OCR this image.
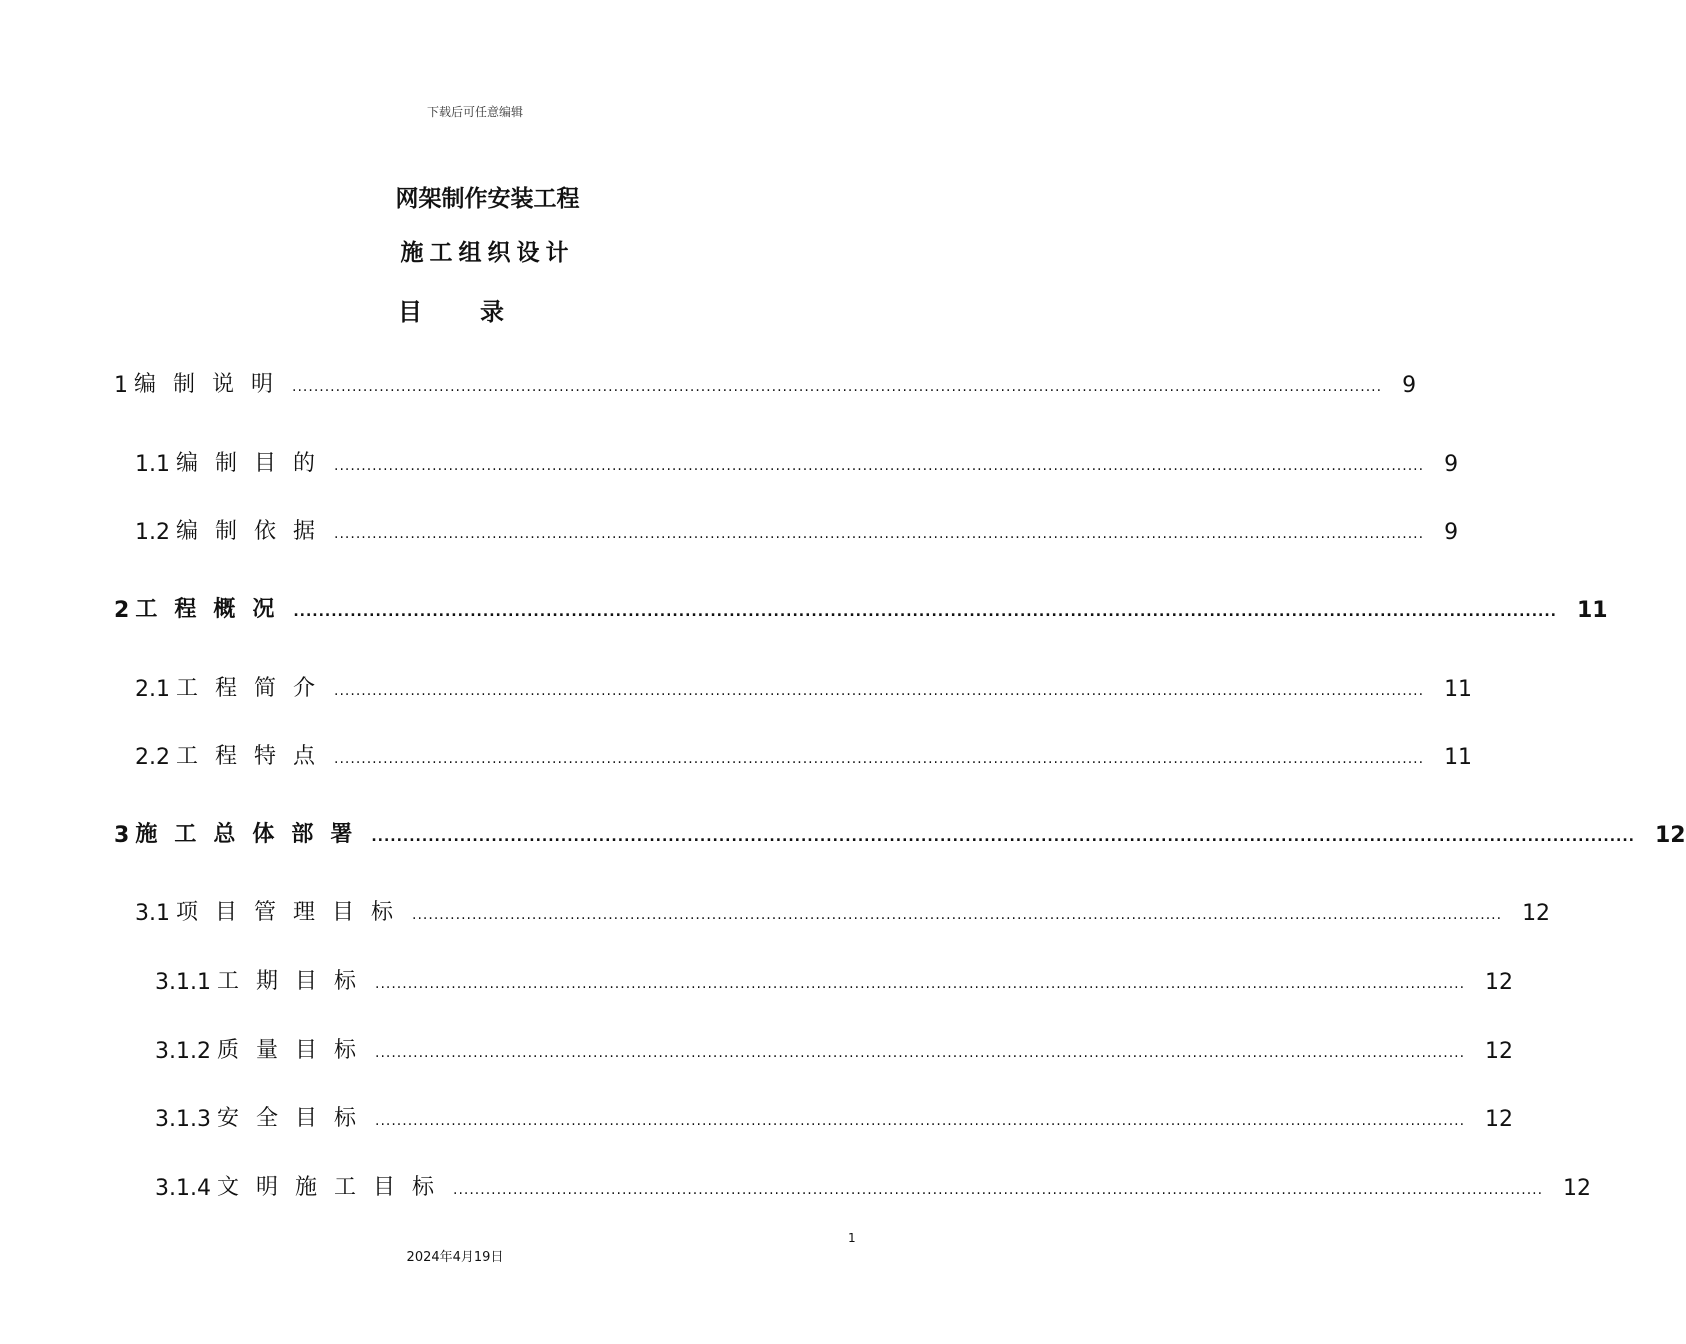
下载后可任意编辑
网架制作安装工程
施工组织设计
目录
1 编制说明 ........................................................................................................................................................................................................ 9
1.1 编制目的 ........................................................................................................................................................................................................ 9
1.2 编制依据 ........................................................................................................................................................................................................ 9
2 工程概况 ........................................................................................................................................................................................................ 11
2.1 工程简介 ........................................................................................................................................................................................................ 11
2.2 工程特点 ........................................................................................................................................................................................................ 11
3 施工总体部署 ........................................................................................................................................................................................................ 12
3.1 项目管理目标 ........................................................................................................................................................................................................ 12
3.1.1 工期目标 ........................................................................................................................................................................................................ 12
3.1.2 质量目标 ........................................................................................................................................................................................................ 12
3.1.3 安全目标 ........................................................................................................................................................................................................ 12
3.1.4 文明施工目标 ........................................................................................................................................................................................................ 12
1
2024年4月19日
